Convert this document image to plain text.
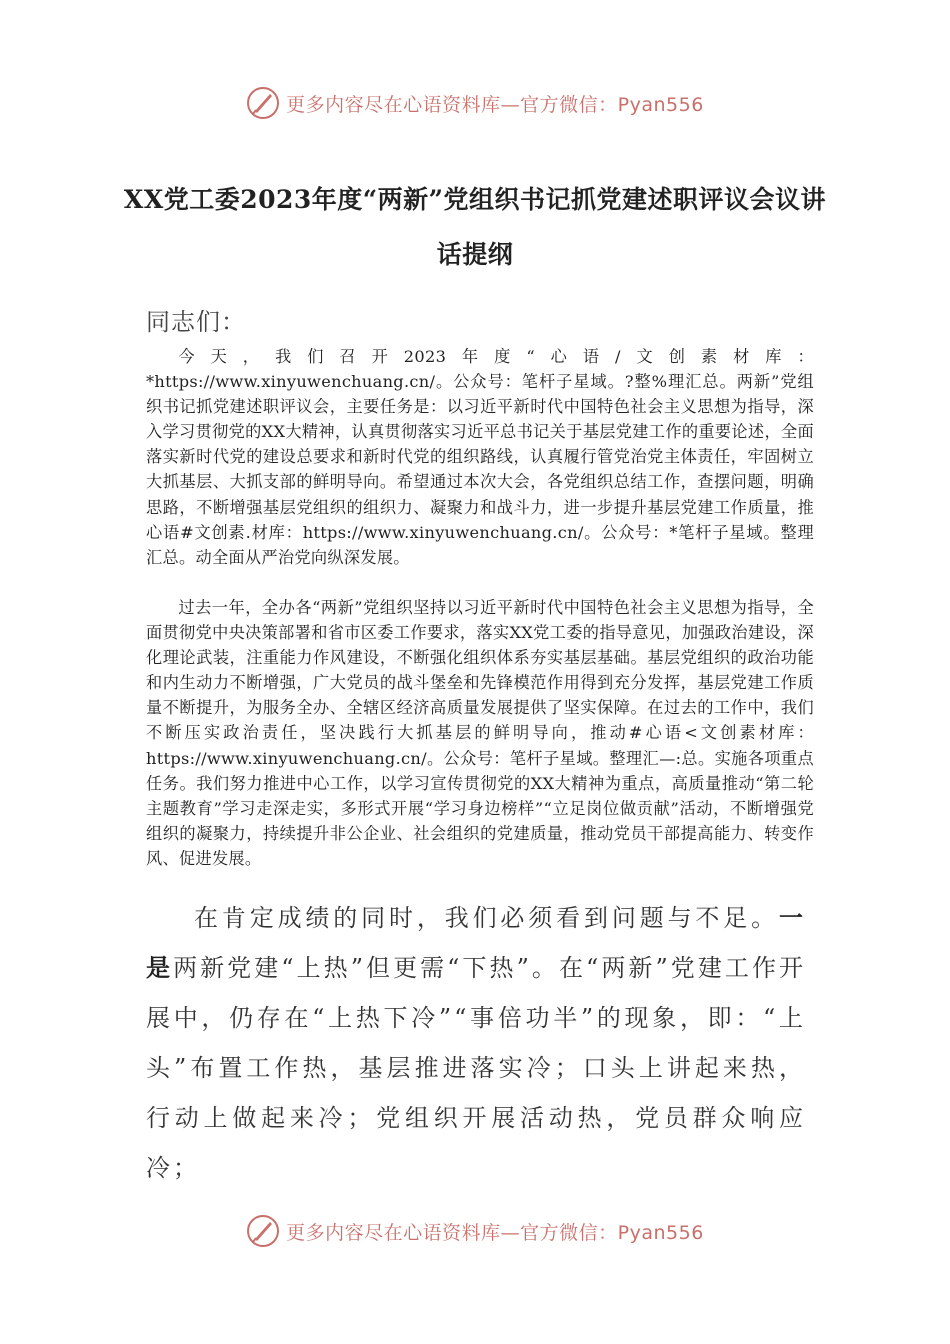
更多内容尽在心语资料库—官方微信：Pyan556
XX党工委2023年度“两新”党组织书记抓党建述职评议会议讲话提纲
同志们：
今天，我们召开2023年度“心语/文创素材库：*https://www.xinyuwenchuang.cn/。公众号：笔杆子星域。?整%理汇总。两新”党组织书记抓党建述职评议会，主要任务是：以习近平新时代中国特色社会主义思想为指导，深入学习贯彻党的XX大精神，认真贯彻落实习近平总书记关于基层党建工作的重要论述，全面落实新时代党的建设总要求和新时代党的组织路线，认真履行管党治党主体责任，牢固树立大抓基层、大抓支部的鲜明导向。希望通过本次大会，各党组织总结工作，查摆问题，明确思路，不断增强基层党组织的组织力、凝聚力和战斗力，进一步提升基层党建工作质量，推心语#文创素.材库：https://www.xinyuwenchuang.cn/。公众号：*笔杆子星域。整理汇总。动全面从严治党向纵深发展。
过去一年，全办各“两新”党组织坚持以习近平新时代中国特色社会主义思想为指导，全面贯彻党中央决策部署和省市区委工作要求，落实XX党工委的指导意见，加强政治建设，深化理论武装，注重能力作风建设，不断强化组织体系夯实基层基础。基层党组织的政治功能和内生动力不断增强，广大党员的战斗堡垒和先锋模范作用得到充分发挥，基层党建工作质量不断提升，为服务全办、全辖区经济高质量发展提供了坚实保障。在过去的工作中，我们不断压实政治责任，坚决践行大抓基层的鲜明导向，推动#心语<文创素材库：https://www.xinyuwenchuang.cn/。公众号：笔杆子星域。整理汇—:总。实施各项重点任务。我们努力推进中心工作，以学习宣传贯彻党的XX大精神为重点，高质量推动“第二轮主题教育”学习走深走实，多形式开展“学习身边榜样”“立足岗位做贡献”活动，不断增强党组织的凝聚力，持续提升非公企业、社会组织的党建质量，推动党员干部提高能力、转变作风、促进发展。
在肯定成绩的同时，我们必须看到问题与不足。一是两新党建“上热”但更需“下热”。在“两新”党建工作开展中，仍存在“上热下冷”“事倍功半”的现象，即：“上头”布置工作热，基层推进落实冷；口头上讲起来热，行动上做起来冷；党组织开展活动热，党员群众响应冷；
更多内容尽在心语资料库—官方微信：Pyan556
